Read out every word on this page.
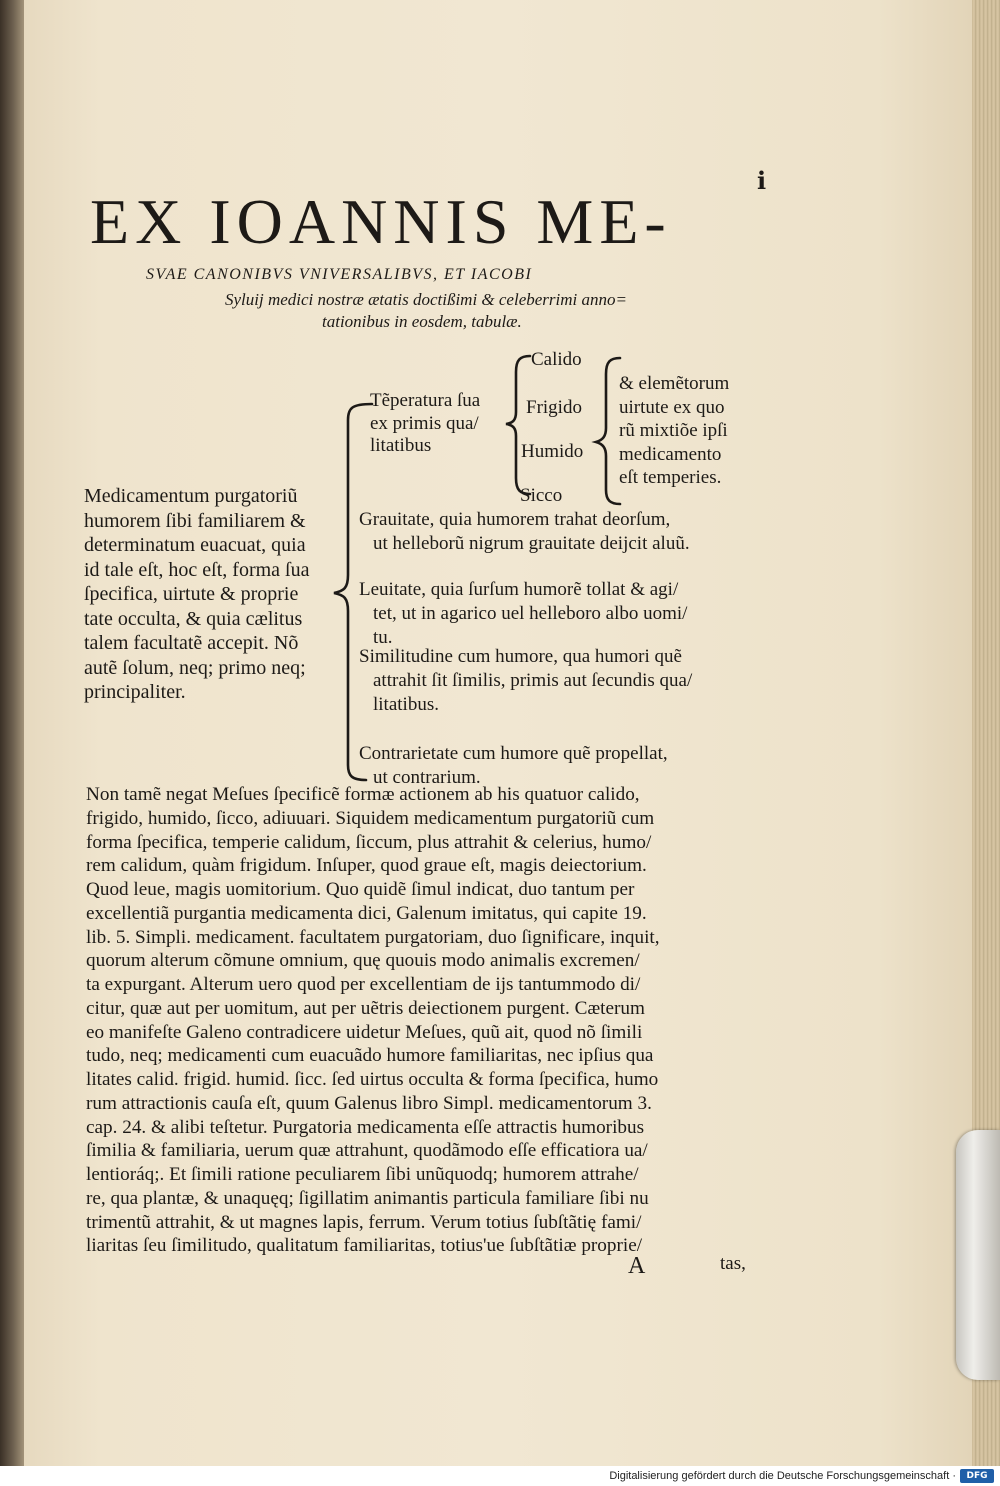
i
EX IOANNIS ME-
SVAE CANONIBVS VNIVERSALIBVS, ET IACOBI
Syluij medici nostræ ætatis doctißimi & celeberrimi anno=
tationibus in eosdem, tabulæ.
Medicamentum purgatoriũ
humorem ſibi familiarem &
determinatum euacuat, quia
id tale eſt, hoc eſt, forma ſua
ſpecifica, uirtute & proprie
tate occulta, & quia cælitus
talem facultatẽ accepit. Nõ
autẽ ſolum, neq; primo neq;
principaliter.
Tẽperatura ſua
ex primis qua/
litatibus
Calido
Frigido
Humido
Sicco
& elemẽtorum
uirtute ex quo
rũ mixtiõe ipſi
medicamento
eſt temperies.
Grauitate, quia humorem trahat deorſum,
ut helleborũ nigrum grauitate deijcit aluũ.
Leuitate, quia ſurſum humorẽ tollat & agi/
tet, ut in agarico uel helleboro albo uomi/
tu.
Similitudine cum humore, qua humori quẽ
attrahit ſit ſimilis, primis aut ſecundis qua/
litatibus.
Contrarietate cum humore quẽ propellat,
ut contrarium.
Non tamẽ negat Meſues ſpecificẽ formæ actionem ab his quatuor calido,
frigido, humido, ſicco, adiuuari. Siquidem medicamentum purgatoriũ cum
forma ſpecifica, temperie calidum, ſiccum, plus attrahit & celerius, humo/
rem calidum, quàm frigidum. Inſuper, quod graue eſt, magis deiectorium.
Quod leue, magis uomitorium. Quo quidẽ ſimul indicat, duo tantum per
excellentiã purgantia medicamenta dici, Galenum imitatus, qui capite 19.
lib. 5. Simpli. medicament. facultatem purgatoriam, duo ſignificare, inquit,
quorum alterum cõmune omnium, quę quouis modo animalis excremen/
ta expurgant. Alterum uero quod per excellentiam de ijs tantummodo di/
citur, quæ aut per uomitum, aut per uẽtris deiectionem purgent. Cæterum
eo manifeſte Galeno contradicere uidetur Meſues, quũ ait, quod nõ ſimili
tudo, neq; medicamenti cum euacuãdo humore familiaritas, nec ipſius qua
litates calid. frigid. humid. ſicc. ſed uirtus occulta & forma ſpecifica, humo
rum attractionis cauſa eſt, quum Galenus libro Simpl. medicamentorum 3.
cap. 24. & alibi teſtetur. Purgatoria medicamenta eſſe attractis humoribus
ſimilia & familiaria, uerum quæ attrahunt, quodãmodo eſſe efficatiora ua/
lentioráq;. Et ſimili ratione peculiarem ſibi unũquodq; humorem attrahe/
re, qua plantæ, & unaquęq; ſigillatim animantis particula familiare ſibi nu
trimentũ attrahit, & ut magnes lapis, ferrum. Verum totius ſubſtãtię fami/
liaritas ſeu ſimilitudo, qualitatum familiaritas, totius'ue ſubſtãtiæ proprie/
A	tas,
Digitalisierung gefördert durch die Deutsche Forschungsgemeinschaft ·	DFG
